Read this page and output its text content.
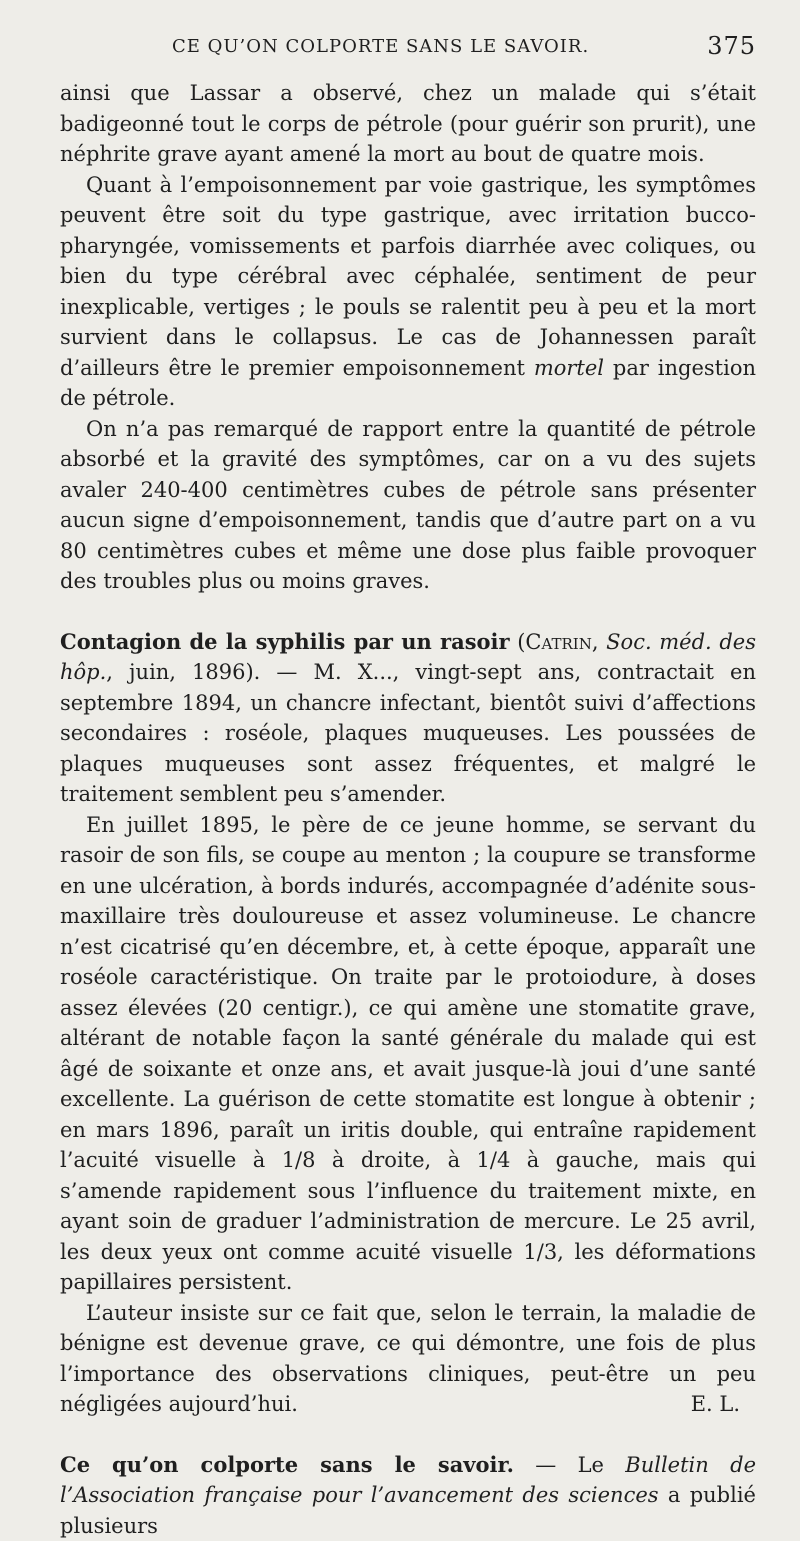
CE QU’ON COLPORTE SANS LE SAVOIR.	375

ainsi que Lassar a observé, chez un malade qui s’était badigeonné tout le corps de pétrole (pour guérir son prurit), une néphrite grave ayant amené la mort au bout de quatre mois.

Quant à l’empoisonnement par voie gastrique, les symptômes peuvent être soit du type gastrique, avec irritation bucco-pharyngée, vomissements et parfois diarrhée avec coliques, ou bien du type cérébral avec céphalée, sentiment de peur inexplicable, vertiges ; le pouls se ralentit peu à peu et la mort survient dans le collapsus. Le cas de Johannessen paraît d’ailleurs être le premier empoisonnement mortel par ingestion de pétrole.

On n’a pas remarqué de rapport entre la quantité de pétrole absorbé et la gravité des symptômes, car on a vu des sujets avaler 240-400 centimètres cubes de pétrole sans présenter aucun signe d’empoisonnement, tandis que d’autre part on a vu 80 centimètres cubes et même une dose plus faible provoquer des troubles plus ou moins graves.

Contagion de la syphilis par un rasoir (Catrin, Soc. méd. des hôp., juin, 1896). — M. X..., vingt-sept ans, contractait en septembre 1894, un chancre infectant, bientôt suivi d’affections secondaires : roséole, plaques muqueuses. Les poussées de plaques muqueuses sont assez fréquentes, et malgré le traitement semblent peu s’amender.

En juillet 1895, le père de ce jeune homme, se servant du rasoir de son fils, se coupe au menton ; la coupure se transforme en une ulcération, à bords indurés, accompagnée d’adénite sous-maxillaire très douloureuse et assez volumineuse. Le chancre n’est cicatrisé qu’en décembre, et, à cette époque, apparaît une roséole caractéristique. On traite par le protoiodure, à doses assez élevées (20 centigr.), ce qui amène une stomatite grave, altérant de notable façon la santé générale du malade qui est âgé de soixante et onze ans, et avait jusque-là joui d’une santé excellente. La guérison de cette stomatite est longue à obtenir ; en mars 1896, paraît un iritis double, qui entraîne rapidement l’acuité visuelle à 1/8 à droite, à 1/4 à gauche, mais qui s’amende rapidement sous l’influence du traitement mixte, en ayant soin de graduer l’administration de mercure. Le 25 avril, les deux yeux ont comme acuité visuelle 1/3, les déformations papillaires persistent.

L’auteur insiste sur ce fait que, selon le terrain, la maladie de bénigne est devenue grave, ce qui démontre, une fois de plus l’importance des observations cliniques, peut-être un peu négligées aujourd’hui.	E. L.

Ce qu’on colporte sans le savoir. — Le Bulletin de l’Association française pour l’avancement des sciences a publié plusieurs
